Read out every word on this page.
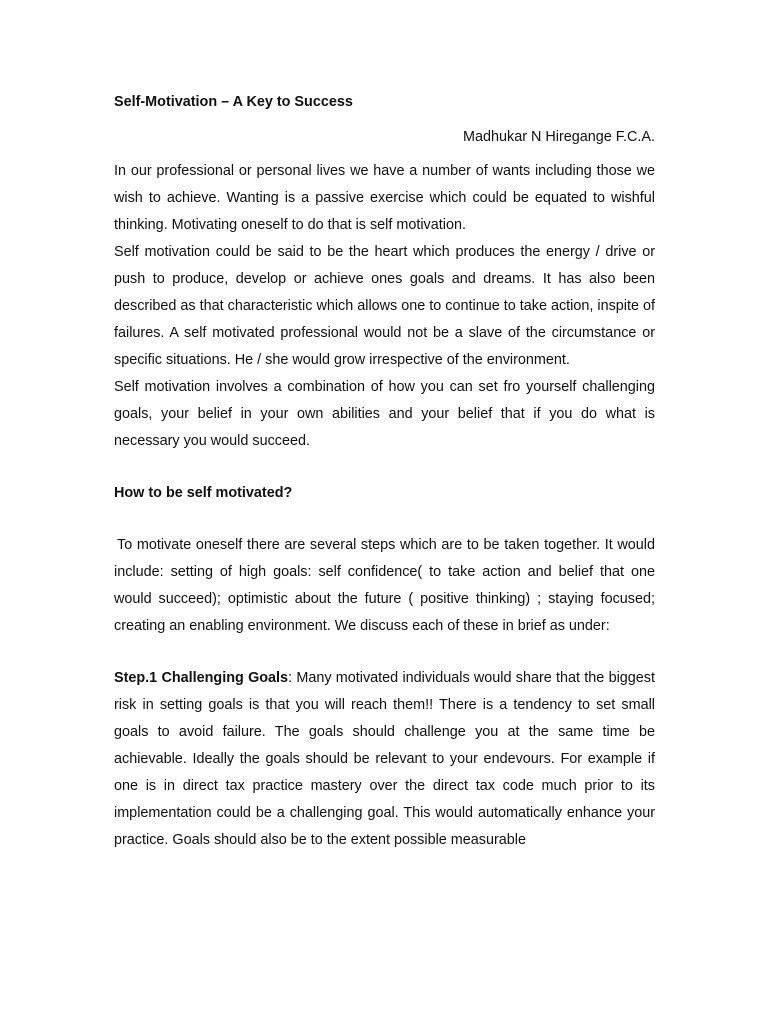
Self-Motivation – A Key to Success
Madhukar N Hiregange F.C.A.

In our professional or personal lives we have a number of wants including those we wish to achieve. Wanting is a passive exercise which could be equated to wishful thinking. Motivating oneself to do that is self motivation.

Self motivation could be said to be the heart which produces the energy / drive or push to produce, develop or achieve ones goals and dreams. It has also been described as that characteristic which allows one to continue to take action, inspite of failures. A self motivated professional would not be a slave of the circumstance or specific situations. He / she would grow irrespective of the environment.

Self motivation involves a combination of how you can set fro yourself challenging goals, your belief in your own abilities and your belief that if you do what is necessary you would succeed.

How to be self motivated?

To motivate oneself there are several steps which are to be taken together. It would include: setting of high goals: self confidence( to take action and belief that one would succeed); optimistic about the future ( positive thinking) ; staying focused; creating an enabling environment. We discuss each of these in brief as under:

Step.1 Challenging Goals: Many motivated individuals would share that the biggest risk in setting goals is that you will reach them!! There is a tendency to set small goals to avoid failure. The goals should challenge you at the same time be achievable. Ideally the goals should be relevant to your endevours. For example if one is in direct tax practice mastery over the direct tax code much prior to its implementation could be a challenging goal. This would automatically enhance your practice. Goals should also be to the extent possible measurable
